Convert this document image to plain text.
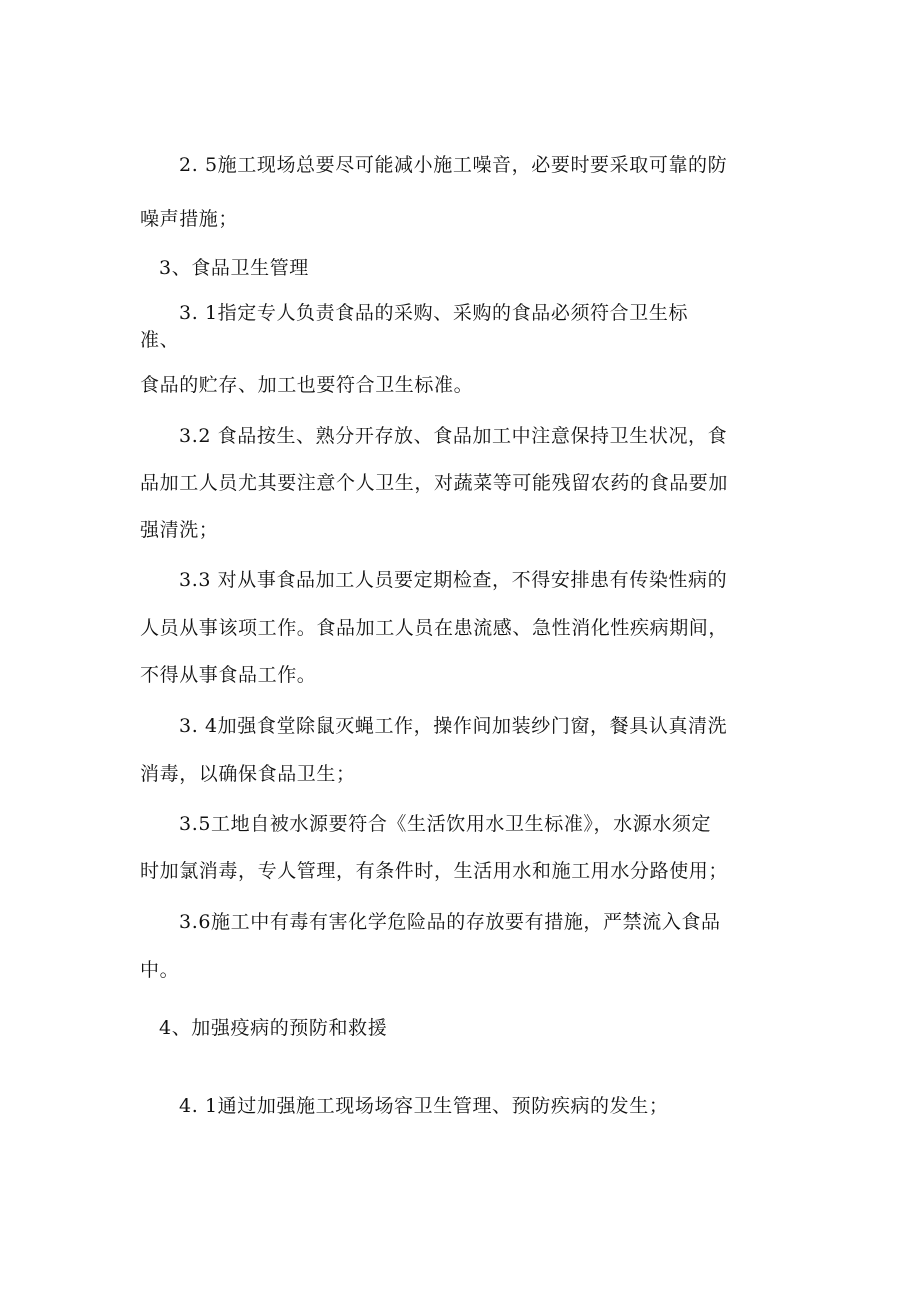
2. 5施工现场总要尽可能减小施工噪音，必要时要采取可靠的防
噪声措施；
3、食品卫生管理
3. 1指定专人负责食品的采购、采购的食品必须符合卫生标
准、
食品的贮存、加工也要符合卫生标准。
3.2 食品按生、熟分开存放、食品加工中注意保持卫生状况，食
品加工人员尤其要注意个人卫生，对蔬菜等可能残留农药的食品要加
强清洗；
3.3 对从事食品加工人员要定期检查，不得安排患有传染性病的
人员从事该项工作。食品加工人员在患流感、急性消化性疾病期间，
不得从事食品工作。
3. 4加强食堂除鼠灭蝇工作，操作间加装纱门窗，餐具认真清洗
消毒，以确保食品卫生；
3.5工地自被水源要符合《生活饮用水卫生标准》，水源水须定
时加氯消毒，专人管理，有条件时，生活用水和施工用水分路使用；
3.6施工中有毒有害化学危险品的存放要有措施，严禁流入食品
中。
4、加强疫病的预防和救援
4. 1通过加强施工现场场容卫生管理、预防疾病的发生；
